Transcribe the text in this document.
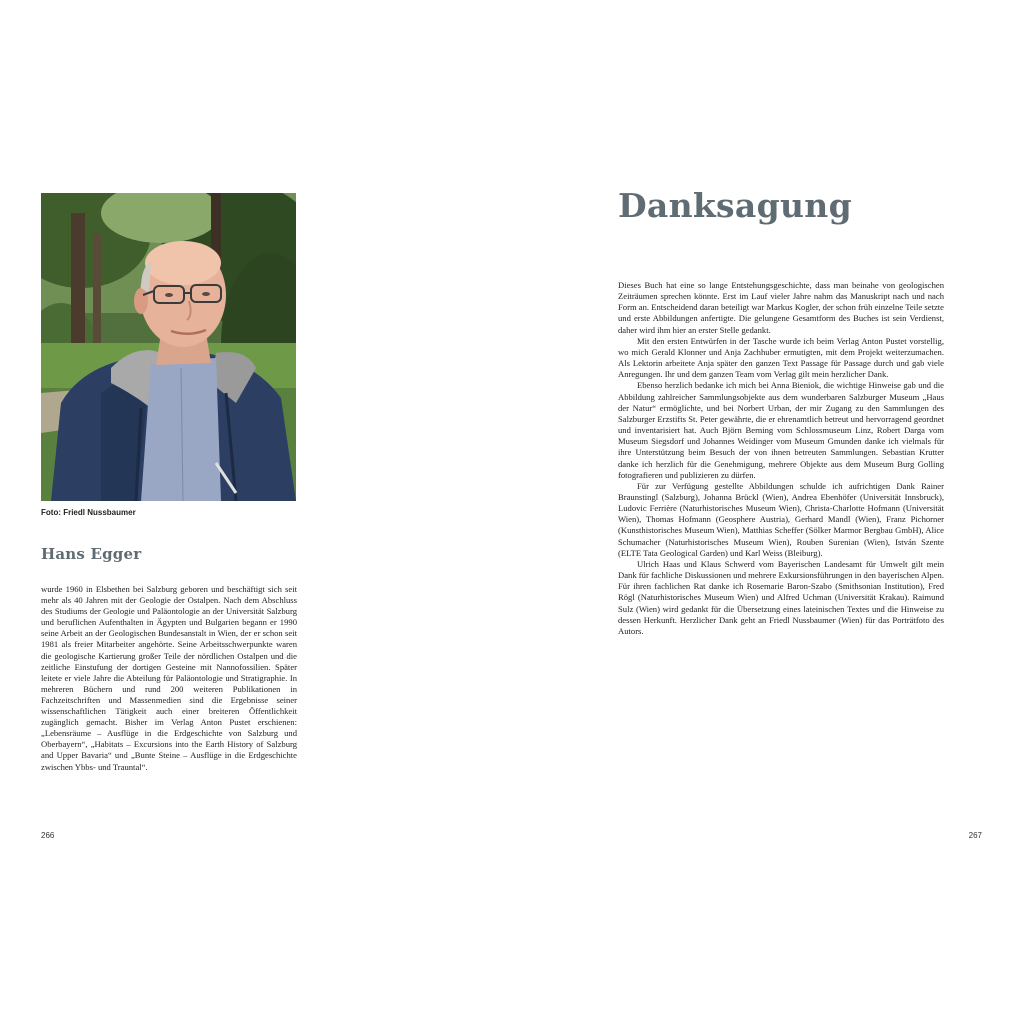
Foto: Friedl Nussbaumer
Hans Egger
wurde 1960 in Elsbethen bei Salzburg geboren und beschäftigt sich seit mehr als 40 Jahren mit der Geologie der Ostalpen. Nach dem Abschluss des Studiums der Geologie und Paläontologie an der Universität Salzburg und beruflichen Aufenthalten in Ägypten und Bulgarien begann er 1990 seine Arbeit an der Geologischen Bundesanstalt in Wien, der er schon seit 1981 als freier Mitarbeiter angehörte. Seine Arbeitsschwerpunkte waren die geologische Kartierung großer Teile der nördlichen Ostalpen und die zeitliche Einstufung der dortigen Gesteine mit Nannofossilien. Später leitete er viele Jahre die Abteilung für Paläontologie und Stratigraphie. In mehreren Büchern und rund 200 weiteren Publikationen in Fachzeitschriften und Massenmedien sind die Ergebnisse seiner wissenschaftlichen Tätigkeit auch einer breiteren Öffentlichkeit zugänglich gemacht. Bisher im Verlag Anton Pustet erschienen: „Lebensräume – Ausflüge in die Erdgeschichte von Salzburg und Oberbayern“, „Habitats – Excursions into the Earth History of Salzburg and Upper Bavaria“ und „Bunte Steine – Ausflüge in die Erdgeschichte zwischen Ybbs- und Trauntal“.
266
Danksagung

Dieses Buch hat eine so lange Entstehungsgeschichte, dass man beinahe von geologischen Zeiträumen sprechen könnte. Erst im Lauf vieler Jahre nahm das Manuskript nach und nach Form an. Entscheidend daran beteiligt war Markus Kogler, der schon früh einzelne Teile setzte und erste Abbildungen anfertigte. Die gelungene Gesamtform des Buches ist sein Verdienst, daher wird ihm hier an erster Stelle gedankt.

Mit den ersten Entwürfen in der Tasche wurde ich beim Verlag Anton Pustet vorstellig, wo mich Gerald Klonner und Anja Zachhuber ermutigten, mit dem Projekt weiterzumachen. Als Lektorin arbeitete Anja später den ganzen Text Passage für Passage durch und gab viele Anregungen. Ihr und dem ganzen Team vom Verlag gilt mein herzlicher Dank.

Ebenso herzlich bedanke ich mich bei Anna Bieniok, die wichtige Hinweise gab und die Abbildung zahlreicher Sammlungsobjekte aus dem wunderbaren Salzburger Museum „Haus der Natur“ ermöglichte, und bei Norbert Urban, der mir Zugang zu den Sammlungen des Salzburger Erzstifts St. Peter gewährte, die er ehrenamtlich betreut und hervorragend geordnet und inventarisiert hat. Auch Björn Berning vom Schlossmuseum Linz, Robert Darga vom Museum Siegsdorf und Johannes Weidinger vom Museum Gmunden danke ich vielmals für ihre Unterstützung beim Besuch der von ihnen betreuten Sammlungen. Sebastian Krutter danke ich herzlich für die Genehmigung, mehrere Objekte aus dem Museum Burg Golling fotografieren und publizieren zu dürfen.

Für zur Verfügung gestellte Abbildungen schulde ich aufrichtigen Dank Rainer Braunstingl (Salzburg), Johanna Brückl (Wien), Andrea Ebenhöfer (Universität Innsbruck), Ludovic Ferrière (Naturhistorisches Museum Wien), Christa-Charlotte Hofmann (Universität Wien), Thomas Hofmann (Geosphere Austria), Gerhard Mandl (Wien), Franz Pichorner (Kunsthistorisches Museum Wien), Matthias Scheffer (Sölker Marmor Bergbau GmbH), Alice Schumacher (Naturhistorisches Museum Wien), Rouben Surenian (Wien), István Szente (ELTE Tata Geological Garden) und Karl Weiss (Bleiburg).

Ulrich Haas und Klaus Schwerd vom Bayerischen Landesamt für Umwelt gilt mein Dank für fachliche Diskussionen und mehrere Exkursionsführungen in den bayerischen Alpen. Für ihren fachlichen Rat danke ich Rosemarie Baron-Szabo (Smithsonian Institution), Fred Rögl (Naturhistorisches Museum Wien) und Alfred Uchman (Universität Krakau). Raimund Sulz (Wien) wird gedankt für die Übersetzung eines lateinischen Textes und die Hinweise zu dessen Herkunft. Herzlicher Dank geht an Friedl Nussbaumer (Wien) für das Porträtfoto des Autors.

267
